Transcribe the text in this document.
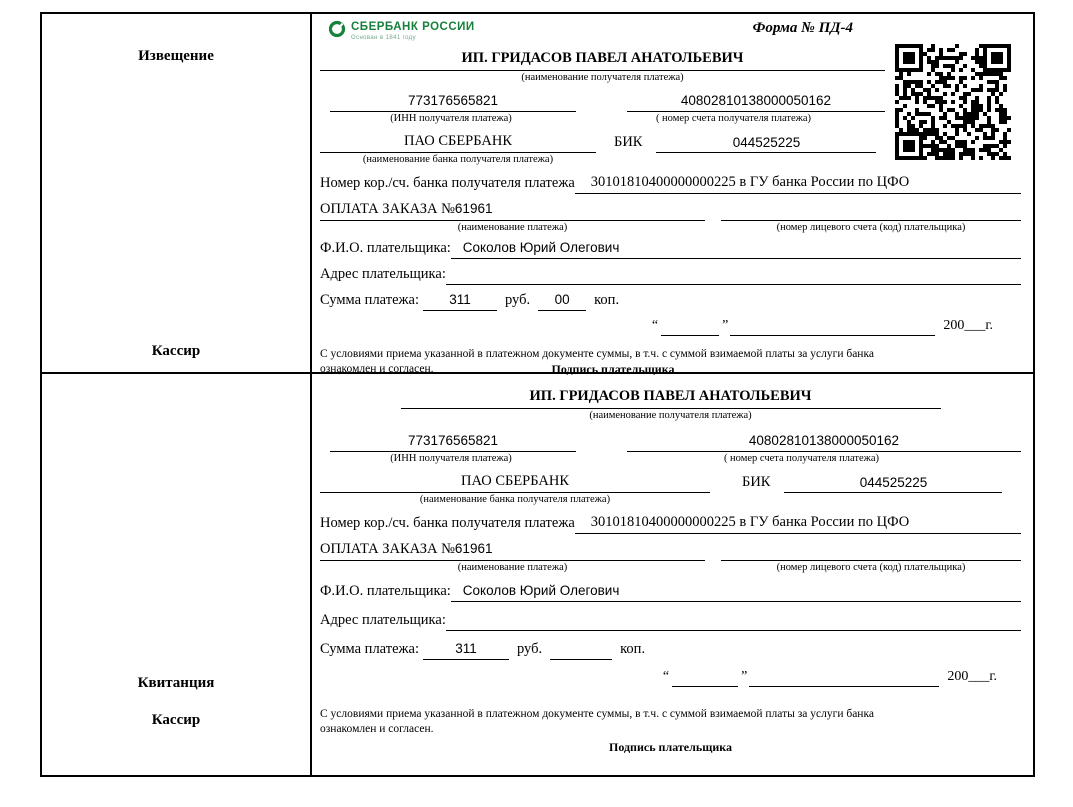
Извещение
Кассир
СБЕРБАНК РОССИИ
Основан в 1841 году
Форма № ПД-4
ИП. ГРИДАСОВ ПАВЕЛ АНАТОЛЬЕВИЧ
(наименование получателя платежа)
773176565821
(ИНН получателя платежа)
40802810138000050162
( номер счета получателя платежа)
ПАО СБЕРБАНК	БИК	044525225
(наименование банка получателя платежа)
Номер кор./сч. банка получателя платежа	30101810400000000225 в ГУ банка России по ЦФО
ОПЛАТА ЗАКАЗА №61961
(наименование платежа)	(номер лицевого счета (код) плательщика)
Ф.И.О. плательщика: Соколов Юрий Олегович
Адрес плательщика:
Сумма платежа:	311	руб.	00	коп.
“	”	200___г.
С условиями приема указанной в платежном документе суммы, в т.ч. с суммой взимаемой платы за услуги банка
ознакомлен и согласен.	Подпись плательщика
Квитанция
Кассир
ИП. ГРИДАСОВ ПАВЕЛ АНАТОЛЬЕВИЧ
(наименование получателя платежа)
773176565821
(ИНН получателя платежа)
40802810138000050162
( номер счета получателя платежа)
ПАО СБЕРБАНК	БИК	044525225
(наименование банка получателя платежа)
Номер кор./сч. банка получателя платежа	30101810400000000225 в ГУ банка России по ЦФО
ОПЛАТА ЗАКАЗА №61961
(наименование платежа)	(номер лицевого счета (код) плательщика)
Ф.И.О. плательщика: Соколов Юрий Олегович
Адрес плательщика:
Сумма платежа:	311	руб.	коп.
“	”	200___г.
С условиями приема указанной в платежном документе суммы, в т.ч. с суммой взимаемой платы за услуги банка
ознакомлен и согласен.
Подпись плательщика
